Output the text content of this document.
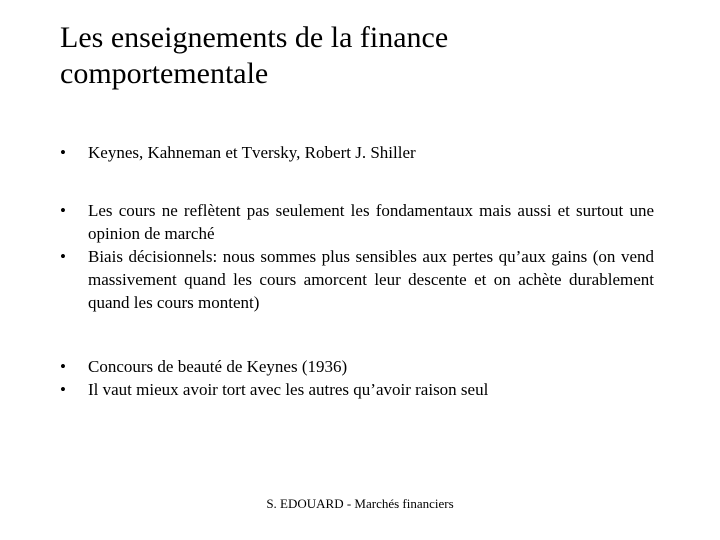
Les enseignements de la finance comportementale
• Keynes, Kahneman et Tversky, Robert J. Shiller
• Les cours ne reflètent pas seulement les fondamentaux mais aussi et surtout une opinion de marché
• Biais décisionnels: nous sommes plus sensibles aux pertes qu’aux gains (on vend massivement quand les cours amorcent leur descente et on achète durablement quand les cours montent)
• Concours de beauté de Keynes (1936)
• Il vaut mieux avoir tort avec les autres qu’avoir raison seul
S. EDOUARD - Marchés financiers
